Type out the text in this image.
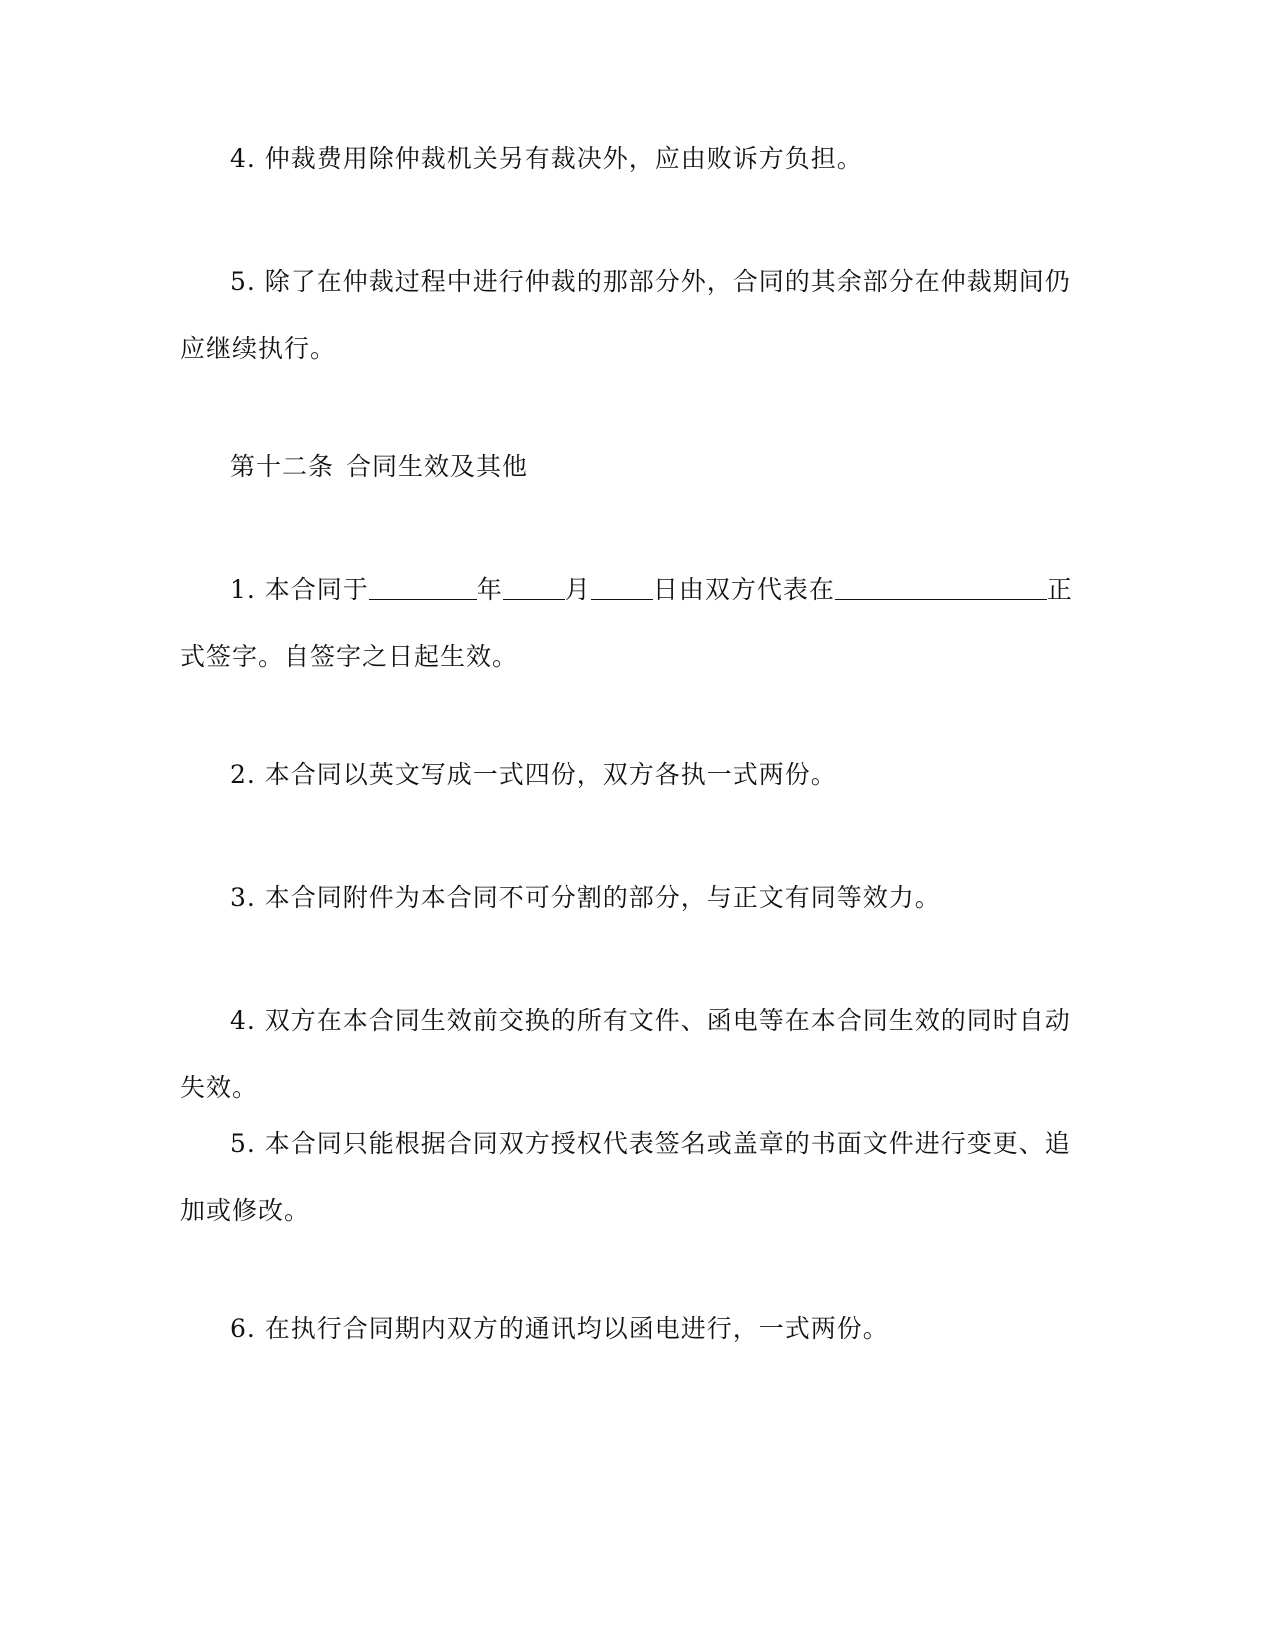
4. 仲裁费用除仲裁机关另有裁决外，应由败诉方负担。
5. 除了在仲裁过程中进行仲裁的那部分外，合同的其余部分在仲裁期间仍应继续执行。
第十二条 合同生效及其他
1. 本合同于	年 月 日由双方代表在	正式签字。自签字之日起生效。
2. 本合同以英文写成一式四份，双方各执一式两份。
3. 本合同附件为本合同不可分割的部分，与正文有同等效力。
4. 双方在本合同生效前交换的所有文件、函电等在本合同生效的同时自动失效。
5. 本合同只能根据合同双方授权代表签名或盖章的书面文件进行变更、追加或修改。
6. 在执行合同期内双方的通讯均以函电进行，一式两份。
